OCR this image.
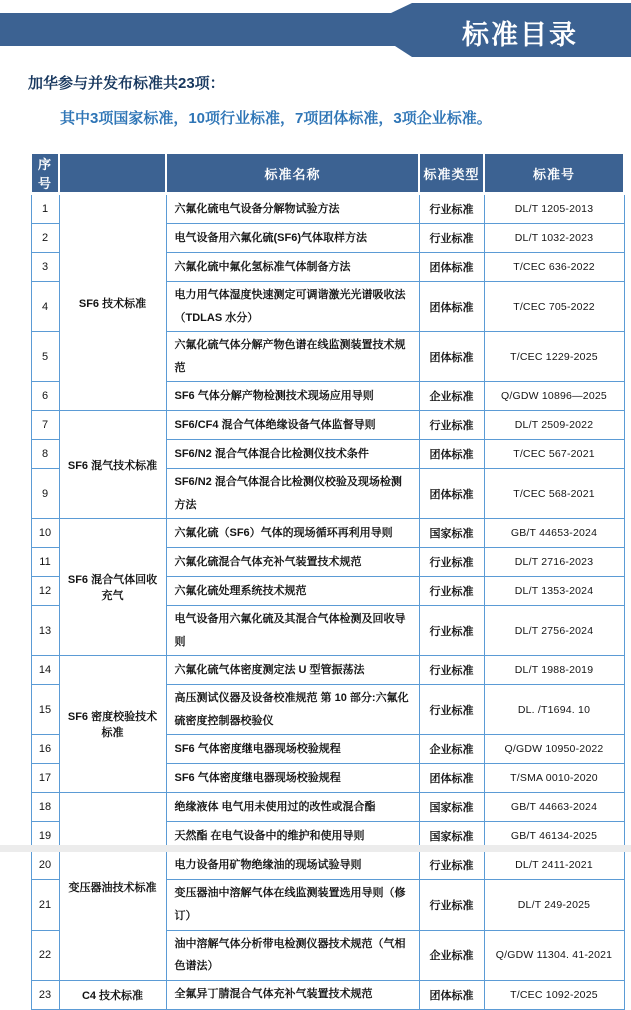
标准目录
加华参与并发布标准共23项：
其中3项国家标准，10项行业标准，7项团体标准，3项企业标准。
序号		标准名称	标准类型	标准号
1	SF6 技术标准	六氟化硫电气设备分解物试验方法	行业标准	DL/T 1205-2013
2		电气设备用六氟化硫(SF6)气体取样方法	行业标准	DL/T 1032-2023
3		六氟化硫中氟化氢标准气体制备方法	团体标准	T/CEC 636-2022
4		电力用气体湿度快速测定可调谐激光光谱吸收法（TDLAS 水分）	团体标准	T/CEC 705-2022
5		六氟化硫气体分解产物色谱在线监测装置技术规范	团体标准	T/CEC 1229-2025
6		SF6 气体分解产物检测技术现场应用导则	企业标准	Q/GDW 10896—2025
7	SF6 混气技术标准	SF6/CF4 混合气体绝缘设备气体监督导则	行业标准	DL/T 2509-2022
8		SF6/N2 混合气体混合比检测仪技术条件	团体标准	T/CEC 567-2021
9		SF6/N2 混合气体混合比检测仪校验及现场检测方法	团体标准	T/CEC 568-2021
10	SF6 混合气体回收充气	六氟化硫（SF6）气体的现场循环再利用导则	国家标准	GB/T 44653-2024
11		六氟化硫混合气体充补气装置技术规范	行业标准	DL/T 2716-2023
12		六氟化硫处理系统技术规范	行业标准	DL/T 1353-2024
13		电气设备用六氟化硫及其混合气体检测及回收导则	行业标准	DL/T 2756-2024
14	SF6 密度校验技术标准	六氟化硫气体密度测定法 U 型管振荡法	行业标准	DL/T 1988-2019
15		高压测试仪器及设备校准规范 第 10 部分:六氟化硫密度控制器校验仪	行业标准	DL. /T1694. 10
16		SF6 气体密度继电器现场校验规程	企业标准	Q/GDW 10950-2022
17		SF6 气体密度继电器现场校验规程	团体标准	T/SMA 0010-2020
18	变压器油技术标准	绝缘液体 电气用未使用过的改性或混合酯	国家标准	GB/T 44663-2024
19		天然酯 在电气设备中的维护和使用导则	国家标准	GB/T 46134-2025
20		电力设备用矿物绝缘油的现场试验导则	行业标准	DL/T 2411-2021
21		变压器油中溶解气体在线监测装置选用导则（修订）	行业标准	DL/T 249-2025
22		油中溶解气体分析带电检测仪器技术规范（气相色谱法）	企业标准	Q/GDW 11304. 41-2021
23	C4 技术标准	全氟异丁腈混合气体充补气装置技术规范	团体标准	T/CEC 1092-2025
